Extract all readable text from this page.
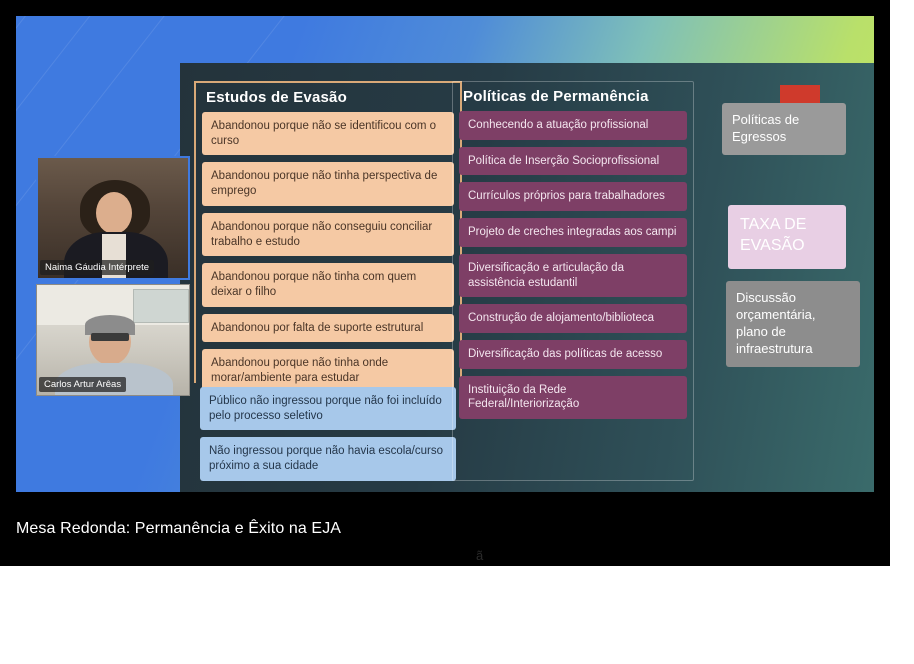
Estudos de Evasão
Abandonou porque não se identificou com o curso
Abandonou porque não tinha perspectiva de emprego
Abandonou porque não conseguiu conciliar trabalho e estudo
Abandonou porque não tinha com quem deixar o filho
Abandonou por falta de suporte estrutural
Abandonou porque não tinha onde morar/ambiente para estudar
Público não ingressou porque não foi incluído pelo processo seletivo
Não ingressou porque não havia escola/curso próximo a sua cidade
Políticas de Permanência
Conhecendo a atuação profissional
Política de Inserção Socioprofissional
Currículos próprios para trabalhadores
Projeto de creches integradas aos campi
Diversificação e articulação da assistência estudantil
Construção de alojamento/biblioteca
Diversificação das políticas de acesso
Instituição da Rede Federal/Interiorização
Políticas de Egressos
TAXA DE EVASÃO
Discussão orçamentária, plano de infraestrutura
Naima Gáudia Intérprete
Carlos Artur Arêas
Mesa Redonda: Permanência e Êxito na EJA
ã
